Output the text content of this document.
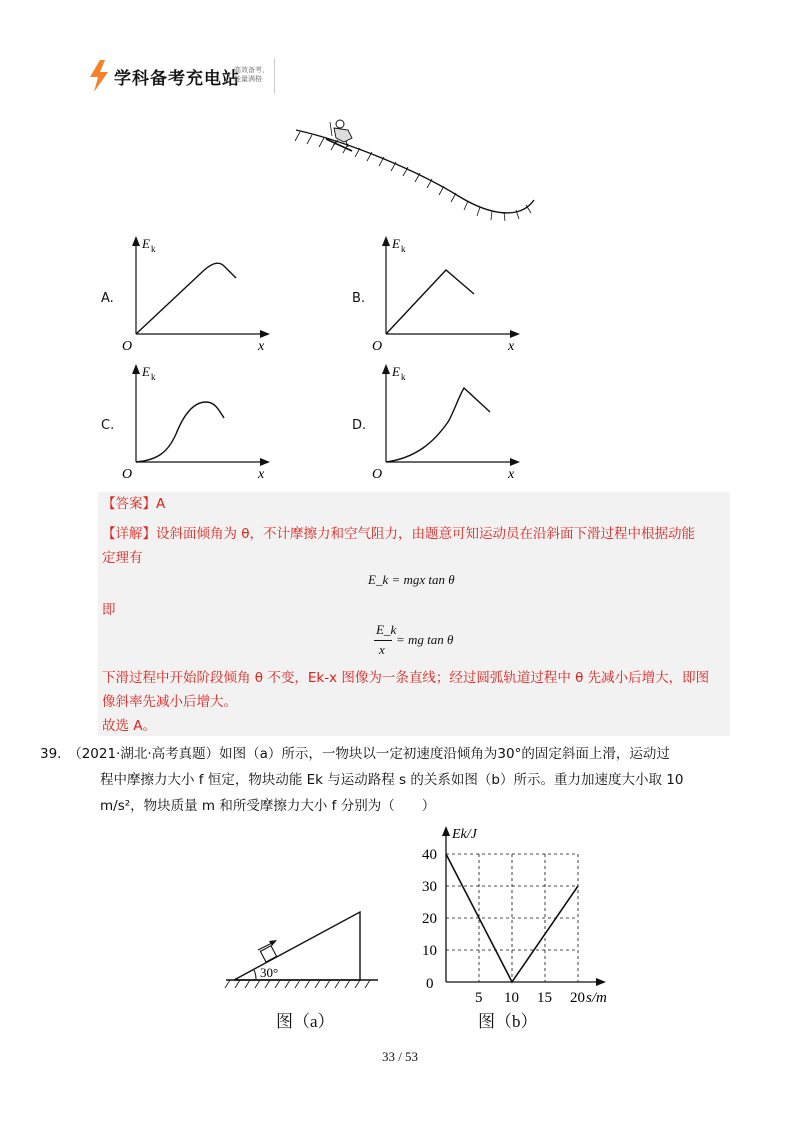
学科备考充电站
高效备考，
能量满格
A.
E k
O	x
B.
E k
O	x
C.
E k
O	x
D.
E k
O	x
【答案】A
【详解】设斜面倾角为 θ，不计摩擦力和空气阻力，由题意可知运动员在沿斜面下滑过程中根据动能
定理有
E_k = mgx tan θ
即
E_k
x
= mg tan θ
下滑过程中开始阶段倾角 θ 不变，Ek-x 图像为一条直线；经过圆弧轨道过程中 θ 先减小后增大，即图
像斜率先减小后增大。
故选 A。
39.　（2021·湖北·高考真题）如图（a）所示，一物块以一定初速度沿倾角为30°的固定斜面上滑，运动过
程中摩擦力大小 f 恒定，物块动能 Ek 与运动路程 s 的关系如图（b）所示。重力加速度大小取 10
m/s²，物块质量 m 和所受摩擦力大小 f 分别为（　　）
30°
图（a）
10
20
30
40
5 10 15 20
0
Ek/J
s/m
图（b）
33 / 53
